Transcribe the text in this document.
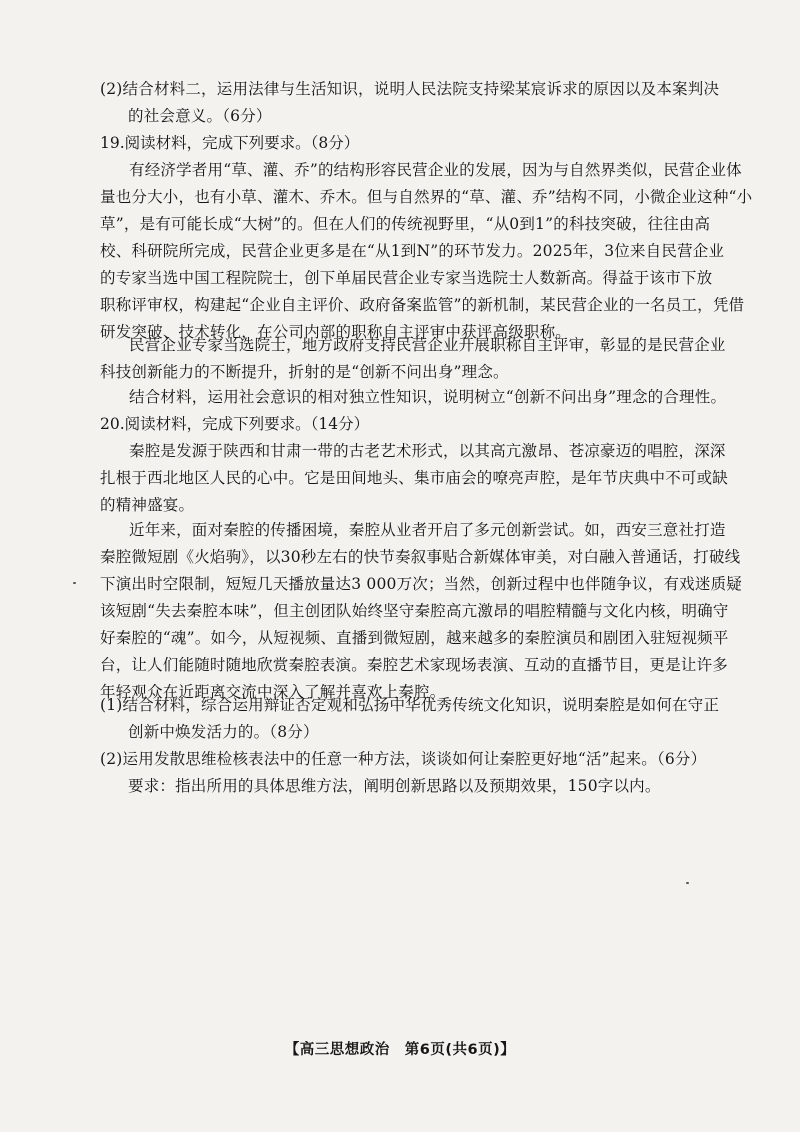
(2)结合材料二，运用法律与生活知识，说明人民法院支持梁某宸诉求的原因以及本案判决
的社会意义。（6分）
19.阅读材料，完成下列要求。（8分）
有经济学者用“草、灌、乔”的结构形容民营企业的发展，因为与自然界类似，民营企业体
量也分大小，也有小草、灌木、乔木。但与自然界的“草、灌、乔”结构不同，小微企业这种“小
草”，是有可能长成“大树”的。但在人们的传统视野里，“从0到1”的科技突破，往往由高
校、科研院所完成，民营企业更多是在“从1到N”的环节发力。2025年，3位来自民营企业
的专家当选中国工程院院士，创下单届民营企业专家当选院士人数新高。得益于该市下放
职称评审权，构建起“企业自主评价、政府备案监管”的新机制，某民营企业的一名员工，凭借
研发突破、技术转化，在公司内部的职称自主评审中获评高级职称。
民营企业专家当选院士，地方政府支持民营企业开展职称自主评审，彰显的是民营企业
科技创新能力的不断提升，折射的是“创新不问出身”理念。
结合材料，运用社会意识的相对独立性知识，说明树立“创新不问出身”理念的合理性。
20.阅读材料，完成下列要求。（14分）
秦腔是发源于陕西和甘肃一带的古老艺术形式，以其高亢激昂、苍凉豪迈的唱腔，深深
扎根于西北地区人民的心中。它是田间地头、集市庙会的嘹亮声腔，是年节庆典中不可或缺
的精神盛宴。
近年来，面对秦腔的传播困境，秦腔从业者开启了多元创新尝试。如，西安三意社打造
秦腔微短剧《火焰驹》，以30秒左右的快节奏叙事贴合新媒体审美，对白融入普通话，打破线
下演出时空限制，短短几天播放量达3 000万次；当然，创新过程中也伴随争议，有戏迷质疑
该短剧“失去秦腔本味”，但主创团队始终坚守秦腔高亢激昂的唱腔精髓与文化内核，明确守
好秦腔的“魂”。如今，从短视频、直播到微短剧，越来越多的秦腔演员和剧团入驻短视频平
台，让人们能随时随地欣赏秦腔表演。秦腔艺术家现场表演、互动的直播节目，更是让许多
年轻观众在近距离交流中深入了解并喜欢上秦腔。
(1)结合材料，综合运用辩证否定观和弘扬中华优秀传统文化知识，说明秦腔是如何在守正
创新中焕发活力的。（8分）
(2)运用发散思维检核表法中的任意一种方法，谈谈如何让秦腔更好地“活”起来。（6分）
要求：指出所用的具体思维方法，阐明创新思路以及预期效果，150字以内。
【高三思想政治　第6页(共6页)】
